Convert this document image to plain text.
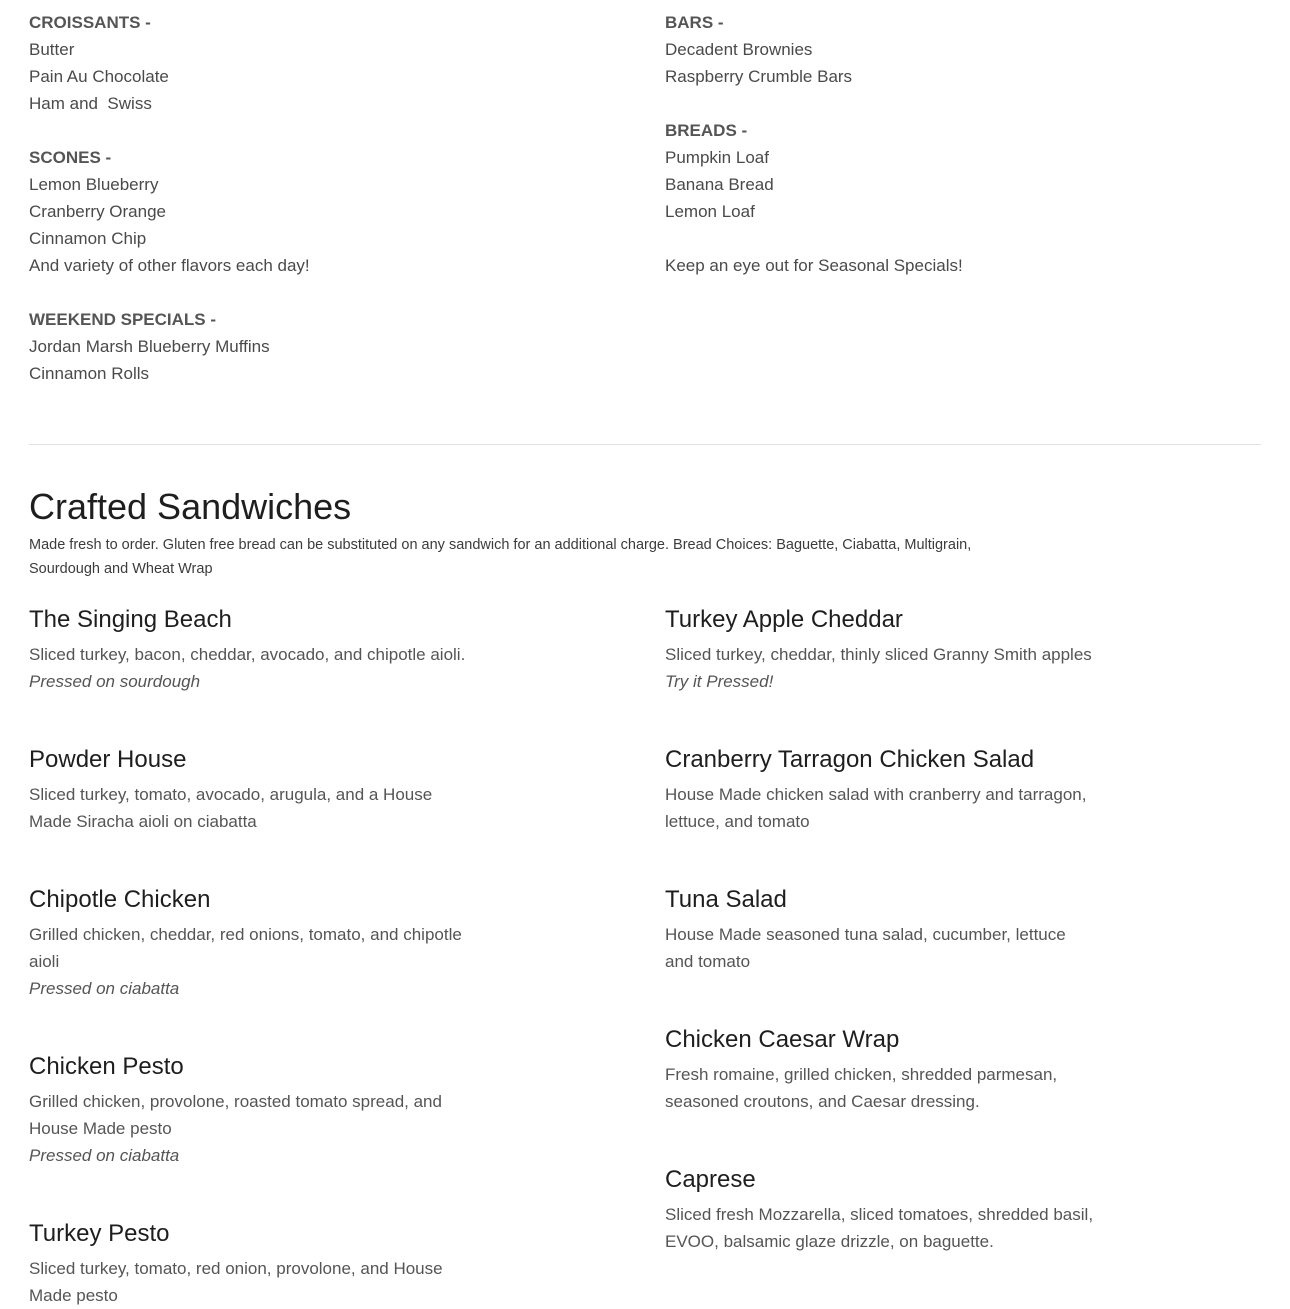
CROISSANTS -
Butter
Pain Au Chocolate
Ham and  Swiss
SCONES -
Lemon Blueberry
Cranberry Orange
Cinnamon Chip
And variety of other flavors each day!
WEEKEND SPECIALS -
Jordan Marsh Blueberry Muffins
Cinnamon Rolls
BARS -
Decadent Brownies
Raspberry Crumble Bars
BREADS -
Pumpkin Loaf
Banana Bread
Lemon Loaf
Keep an eye out for Seasonal Specials!
Crafted Sandwiches
Made fresh to order. Gluten free bread can be substituted on any sandwich for an additional charge. Bread Choices: Baguette, Ciabatta, Multigrain, Sourdough and Wheat Wrap
The Singing Beach
Sliced turkey, bacon, cheddar, avocado, and chipotle aioli.
Pressed on sourdough
Powder House
Sliced turkey, tomato, avocado, arugula, and a House Made Siracha aioli on ciabatta
Chipotle Chicken
Grilled chicken, cheddar, red onions, tomato, and chipotle aioli
Pressed on ciabatta
Chicken Pesto
Grilled chicken, provolone, roasted tomato spread, and House Made pesto
Pressed on ciabatta
Turkey Pesto
Sliced turkey, tomato, red onion, provolone, and House Made pesto
Turkey Apple Cheddar
Sliced turkey, cheddar, thinly sliced Granny Smith apples
Try it Pressed!
Cranberry Tarragon Chicken Salad
House Made chicken salad with cranberry and tarragon, lettuce, and tomato
Tuna Salad
House Made seasoned tuna salad, cucumber, lettuce and tomato
Chicken Caesar Wrap
Fresh romaine, grilled chicken, shredded parmesan, seasoned croutons, and Caesar dressing.
Caprese
Sliced fresh Mozzarella, sliced tomatoes, shredded basil, EVOO, balsamic glaze drizzle, on baguette.
